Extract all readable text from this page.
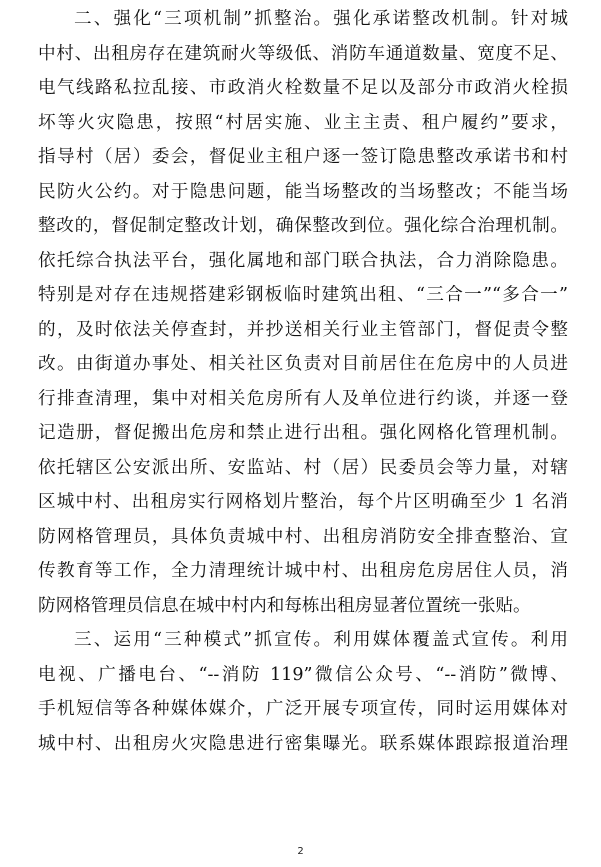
二、强化“三项机制”抓整治。强化承诺整改机制。针对城
中村、出租房存在建筑耐火等级低、消防车通道数量、宽度不足、
电气线路私拉乱接、市政消火栓数量不足以及部分市政消火栓损
坏等火灾隐患，按照“村居实施、业主主责、租户履约”要求，
指导村（居）委会，督促业主租户逐一签订隐患整改承诺书和村
民防火公约。对于隐患问题，能当场整改的当场整改；不能当场
整改的，督促制定整改计划，确保整改到位。强化综合治理机制。
依托综合执法平台，强化属地和部门联合执法，合力消除隐患。
特别是对存在违规搭建彩钢板临时建筑出租、“三合一”“多合一”
的，及时依法关停查封，并抄送相关行业主管部门，督促责令整
改。由街道办事处、相关社区负责对目前居住在危房中的人员进
行排查清理，集中对相关危房所有人及单位进行约谈，并逐一登
记造册，督促搬出危房和禁止进行出租。强化网格化管理机制。
依托辖区公安派出所、安监站、村（居）民委员会等力量，对辖
区城中村、出租房实行网格划片整治，每个片区明确至少 1 名消
防网格管理员，具体负责城中村、出租房消防安全排查整治、宣
传教育等工作，全力清理统计城中村、出租房危房居住人员，消
防网格管理员信息在城中村内和每栋出租房显著位置统一张贴。
三、运用“三种模式”抓宣传。利用媒体覆盖式宣传。利用
电视、广播电台、“--消防 119”微信公众号、“--消防”微博、
手机短信等各种媒体媒介，广泛开展专项宣传，同时运用媒体对
城中村、出租房火灾隐患进行密集曝光。联系媒体跟踪报道治理
2
